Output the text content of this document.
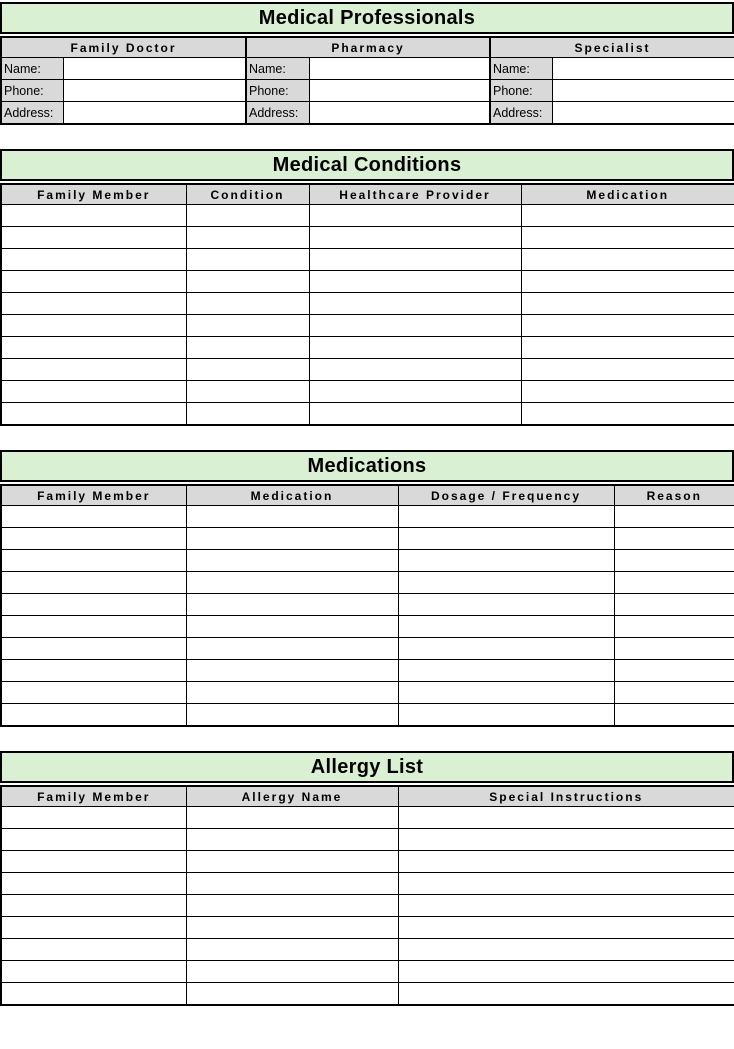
Medical Professionals
Family Doctor		Pharmacy		Specialist	
Name:		Name:		Name:	
Phone:		Phone:		Phone:	
Address:		Address:		Address:	
Medical Conditions
Family Member	Condition	Healthcare Provider	Medication

Medications
Family Member	Medication	Dosage / Frequency	Reason

Allergy List
Family Member	Allergy Name	Special Instructions
